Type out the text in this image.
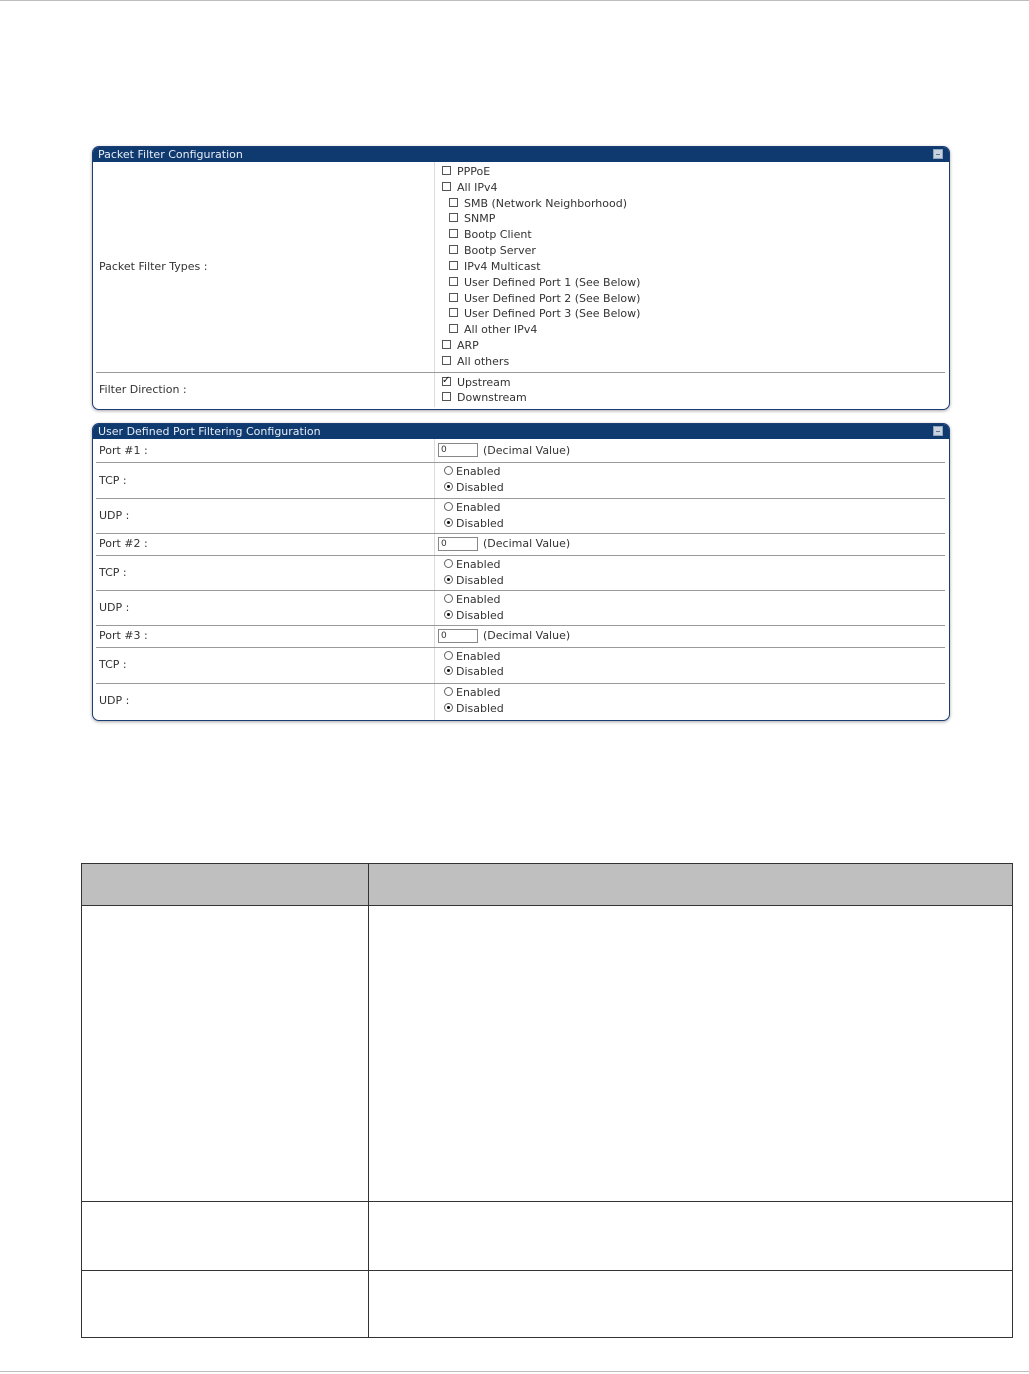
Packet Filter Configuration
Packet Filter Types :
PPPoE
All IPv4
SMB (Network Neighborhood)
SNMP
Bootp Client
Bootp Server
IPv4 Multicast
User Defined Port 1 (See Below)
User Defined Port 2 (See Below)
User Defined Port 3 (See Below)
All other IPv4
ARP
All others
Filter Direction :
✓Upstream
Downstream
User Defined Port Filtering Configuration
Port #1 :
0	(Decimal Value)
TCP :
Enabled
Disabled
UDP :
Enabled
Disabled
Port #2 :
0	(Decimal Value)
TCP :
Enabled
Disabled
UDP :
Enabled
Disabled
Port #3 :
0	(Decimal Value)
TCP :
Enabled
Disabled
UDP :
Enabled
Disabled
